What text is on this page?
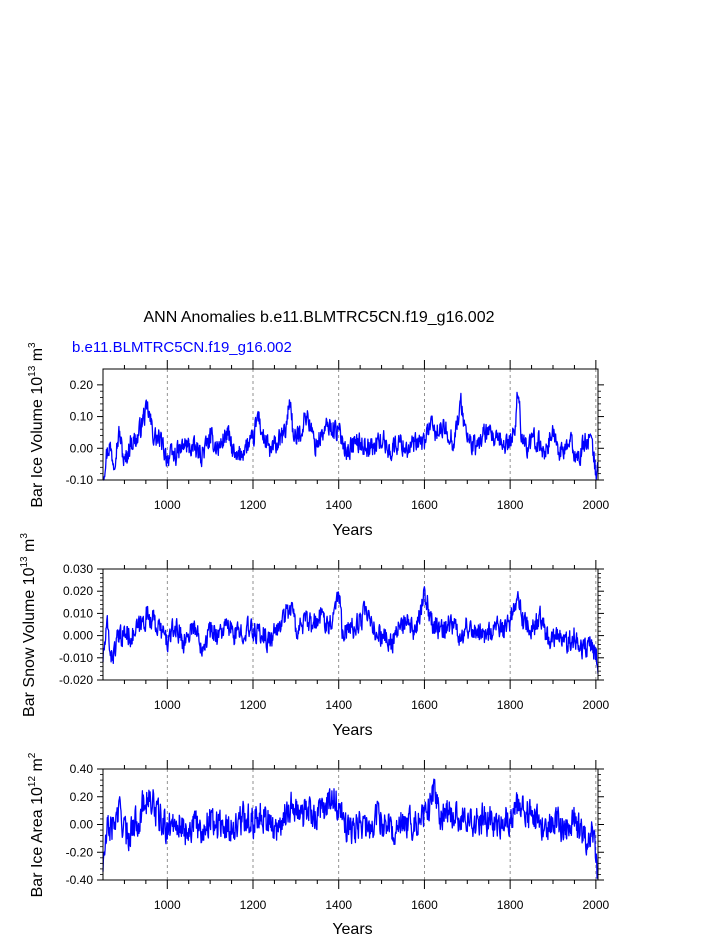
ANN Anomalies b.e11.BLMTRC5CN.f19_g16.002
b.e11.BLMTRC5CN.f19_g16.002
0.20
0.10
0.00
-0.10
1000	1200	1400	1600	1800	2000
Years
Bar Ice Volume $10^{13}$ $m^3$
0.030
0.020
0.010
0.000
-0.010
-0.020
1000	1200	1400	1600	1800	2000
Years
Bar Snow Volume $10^{13}$ $m^3$
0.40
0.20
0.00
-0.20
-0.40
1000	1200	1400	1600	1800	2000
Years
Bar Ice Area $10^{12}$ $m^2$
